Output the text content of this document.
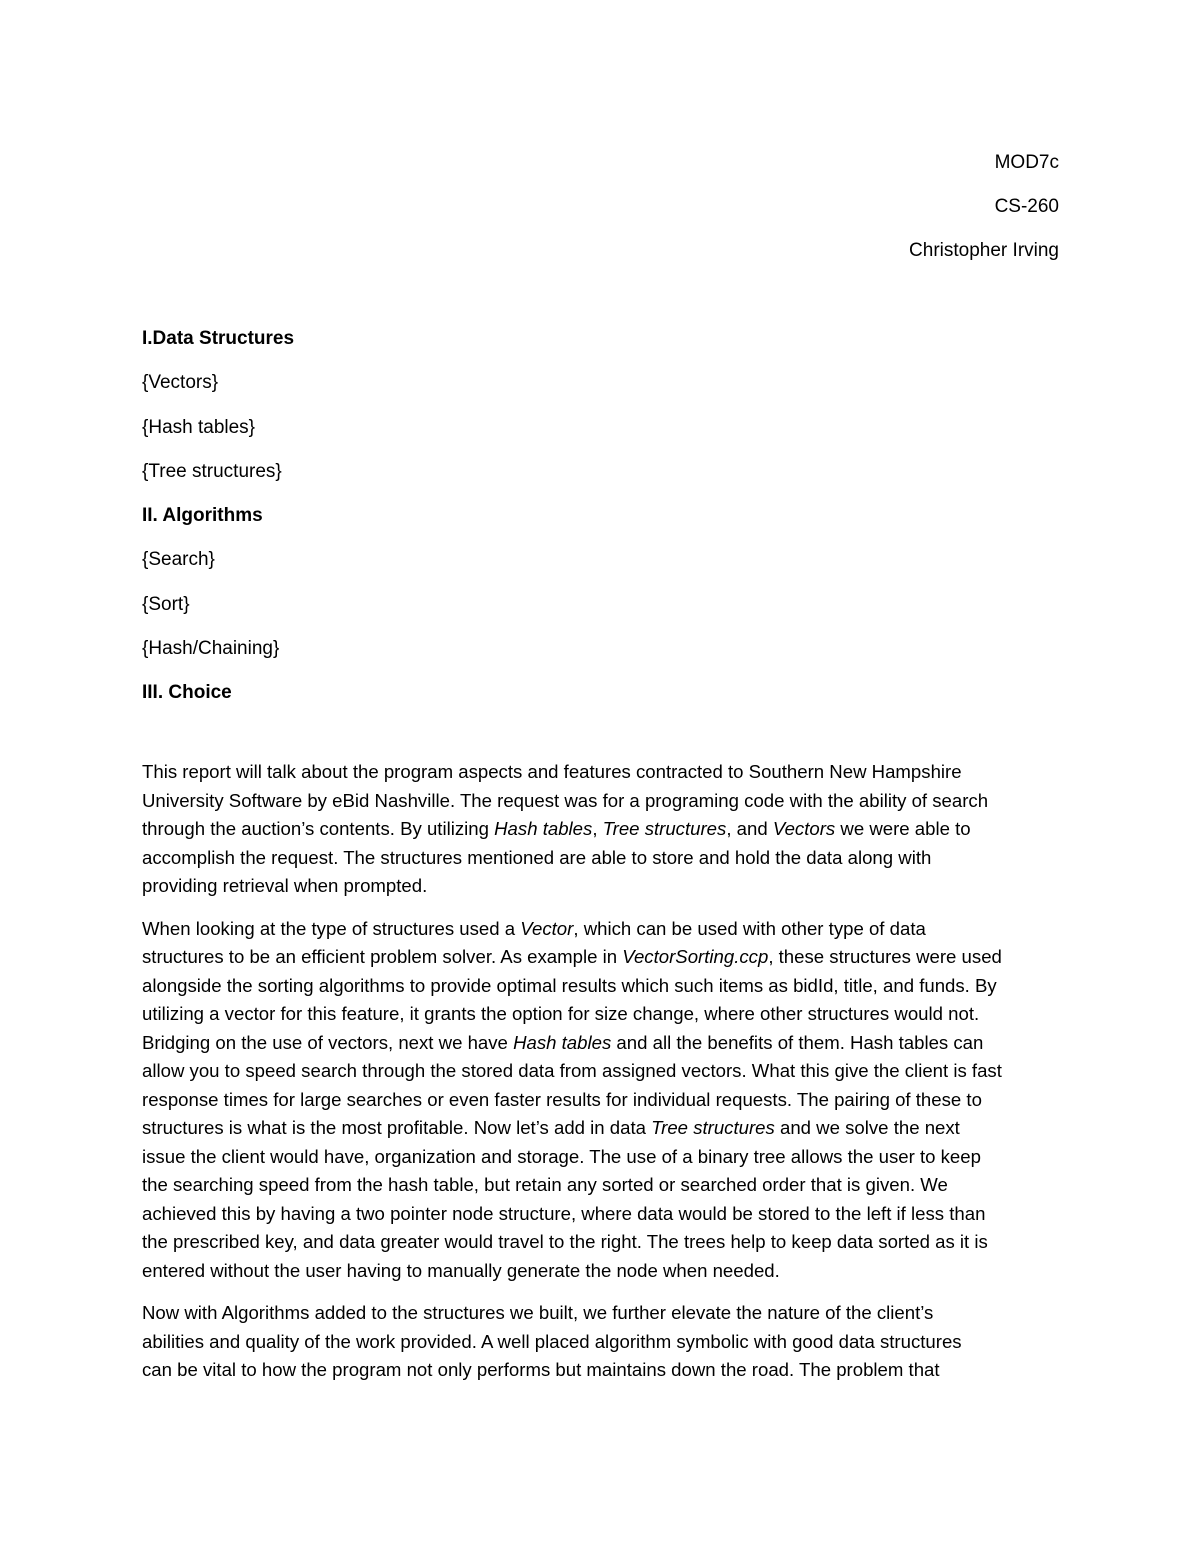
MOD7c
CS-260
Christopher Irving
I.Data Structures
{Vectors}
{Hash tables}
{Tree structures}
II. Algorithms
{Search}
{Sort}
{Hash/Chaining}
III. Choice
This report will talk about the program aspects and features contracted to Southern New Hampshire
University Software by eBid Nashville. The request was for a programing code with the ability of search
through the auction’s contents. By utilizing Hash tables, Tree structures, and Vectors we were able to
accomplish the request. The structures mentioned are able to store and hold the data along with
providing retrieval when prompted.
When looking at the type of structures used a Vector, which can be used with other type of data
structures to be an efficient problem solver. As example in VectorSorting.ccp, these structures were used
alongside the sorting algorithms to provide optimal results which such items as bidId, title, and funds. By
utilizing a vector for this feature, it grants the option for size change, where other structures would not.
Bridging on the use of vectors, next we have Hash tables and all the benefits of them. Hash tables can
allow you to speed search through the stored data from assigned vectors. What this give the client is fast
response times for large searches or even faster results for individual requests. The pairing of these to
structures is what is the most profitable. Now let’s add in data Tree structures and we solve the next
issue the client would have, organization and storage. The use of a binary tree allows the user to keep
the searching speed from the hash table, but retain any sorted or searched order that is given. We
achieved this by having a two pointer node structure, where data would be stored to the left if less than
the prescribed key, and data greater would travel to the right. The trees help to keep data sorted as it is
entered without the user having to manually generate the node when needed.
Now with Algorithms added to the structures we built, we further elevate the nature of the client’s
abilities and quality of the work provided. A well placed algorithm symbolic with good data structures
can be vital to how the program not only performs but maintains down the road. The problem that
